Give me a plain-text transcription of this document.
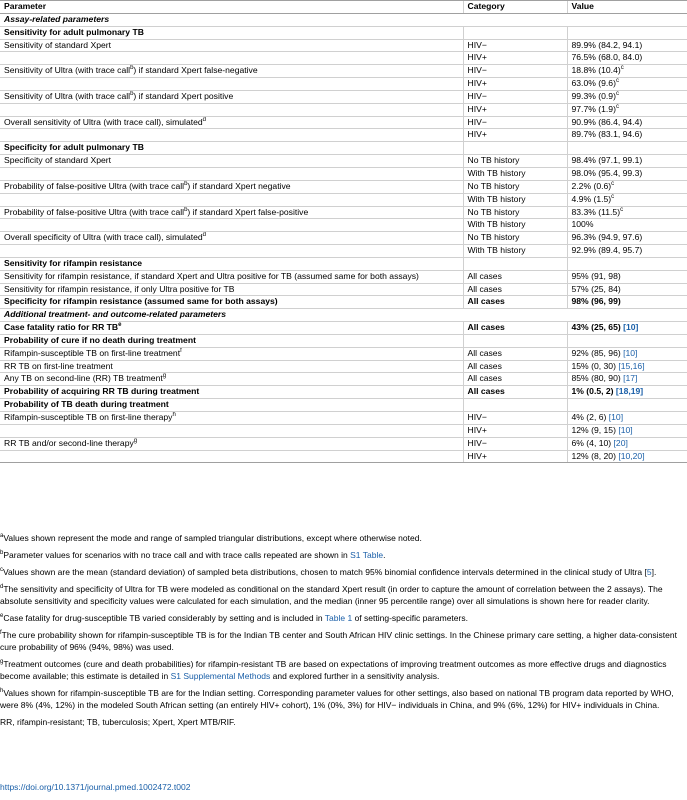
Parameter	Category	Value
Assay-related parameters		
Sensitivity for adult pulmonary TB		
Sensitivity of standard Xpert	HIV−	89.9% (84.2, 94.1)
	HIV+	76.5% (68.0, 84.0)
Sensitivity of Ultra (with trace call$^b$) if standard Xpert false-negative	HIV−	18.8% $(10.4)^c$
	HIV+	63.0% $(9.6)^c$
Sensitivity of Ultra (with trace call$^b$) if standard Xpert positive	HIV−	99.3% $(0.9)^c$
	HIV+	97.7% $(1.9)^c$
Overall sensitivity of Ultra (with trace call), simulated$^d$	HIV−	90.9% (86.4, 94.4)
	HIV+	89.7% (83.1, 94.6)
Specificity for adult pulmonary TB		
Specificity of standard Xpert	No TB history	98.4% (97.1, 99.1)
	With TB history	98.0% (95.4, 99.3)
Probability of false-positive Ultra (with trace call$^b$) if standard Xpert negative	No TB history	2.2% $(0.6)^c$
	With TB history	4.9% $(1.5)^c$
Probability of false-positive Ultra (with trace call$^b$) if standard Xpert false-positive	No TB history	83.3% $(11.5)^c$
	With TB history	100%
Overall specificity of Ultra (with trace call), simulated$^d$	No TB history	96.3% (94.9, 97.6)
	With TB history	92.9% (89.4, 95.7)
Sensitivity for rifampin resistance		
Sensitivity for rifampin resistance, if standard Xpert and Ultra positive for TB (assumed same for both assays)	All cases	95% (91, 98)
Sensitivity for rifampin resistance, if only Ultra positive for TB	All cases	57% (25, 84)
Specificity for rifampin resistance (assumed same for both assays)	All cases	98% (96, 99)
Additional treatment- and outcome-related parameters		
Case fatality ratio for RR $TB^e$	All cases	43% (25, 65) [10]
Probability of cure if no death during treatment		
Rifampin-susceptible TB on first-line treatment$^f$	All cases	92% (85, 96) [10]
RR TB on first-line treatment	All cases	15% (0, 30) [15,16]
Any TB on second-line (RR) TB treatment$^g$	All cases	85% (80, 90) [17]
Probability of acquiring RR TB during treatment	All cases	1% (0.5, 2) [18,19]
Probability of TB death during treatment		
Rifampin-susceptible TB on first-line therapy$^h$	HIV−	4% (2, 6) [10]
	HIV+	12% (9, 15) [10]
RR TB and/or second-line therapy$^g$	HIV−	6% (4, 10) [20]
	HIV+	12% (8, 20) [10,20]

$^a$Values shown represent the mode and range of sampled triangular distributions, except where otherwise noted.

$^b$Parameter values for scenarios with no trace call and with trace calls repeated are shown in S1 Table.

$^c$Values shown are the mean (standard deviation) of sampled beta distributions, chosen to match 95% binomial confidence intervals determined in the clinical study of Ultra [5].

$^d$The sensitivity and specificity of Ultra for TB were modeled as conditional on the standard Xpert result (in order to capture the amount of correlation between the 2 assays). The absolute sensitivity and specificity values were calculated for each simulation, and the median (inner 95 percentile range) over all simulations is shown here for reader clarity.

$^e$Case fatality for drug-susceptible TB varied considerably by setting and is included in Table 1 of setting-specific parameters.

$^f$The cure probability shown for rifampin-susceptible TB is for the Indian TB center and South African HIV clinic settings. In the Chinese primary care setting, a higher data-consistent cure probability of 96% (94%, 98%) was used.

$^g$Treatment outcomes (cure and death probabilities) for rifampin-resistant TB are based on expectations of improving treatment outcomes as more effective drugs and diagnostics become available; this estimate is detailed in S1 Supplemental Methods and explored further in a sensitivity analysis.

$^h$Values shown for rifampin-susceptible TB are for the Indian setting. Corresponding parameter values for other settings, also based on national TB program data reported by WHO, were 8% (4%, 12%) in the modeled South African setting (an entirely HIV+ cohort), 1% (0%, 3%) for HIV− individuals in China, and 9% (6%, 12%) for HIV+ individuals in China.

RR, rifampin-resistant; TB, tuberculosis; Xpert, Xpert MTB/RIF.

https://doi.org/10.1371/journal.pmed.1002472.t002
